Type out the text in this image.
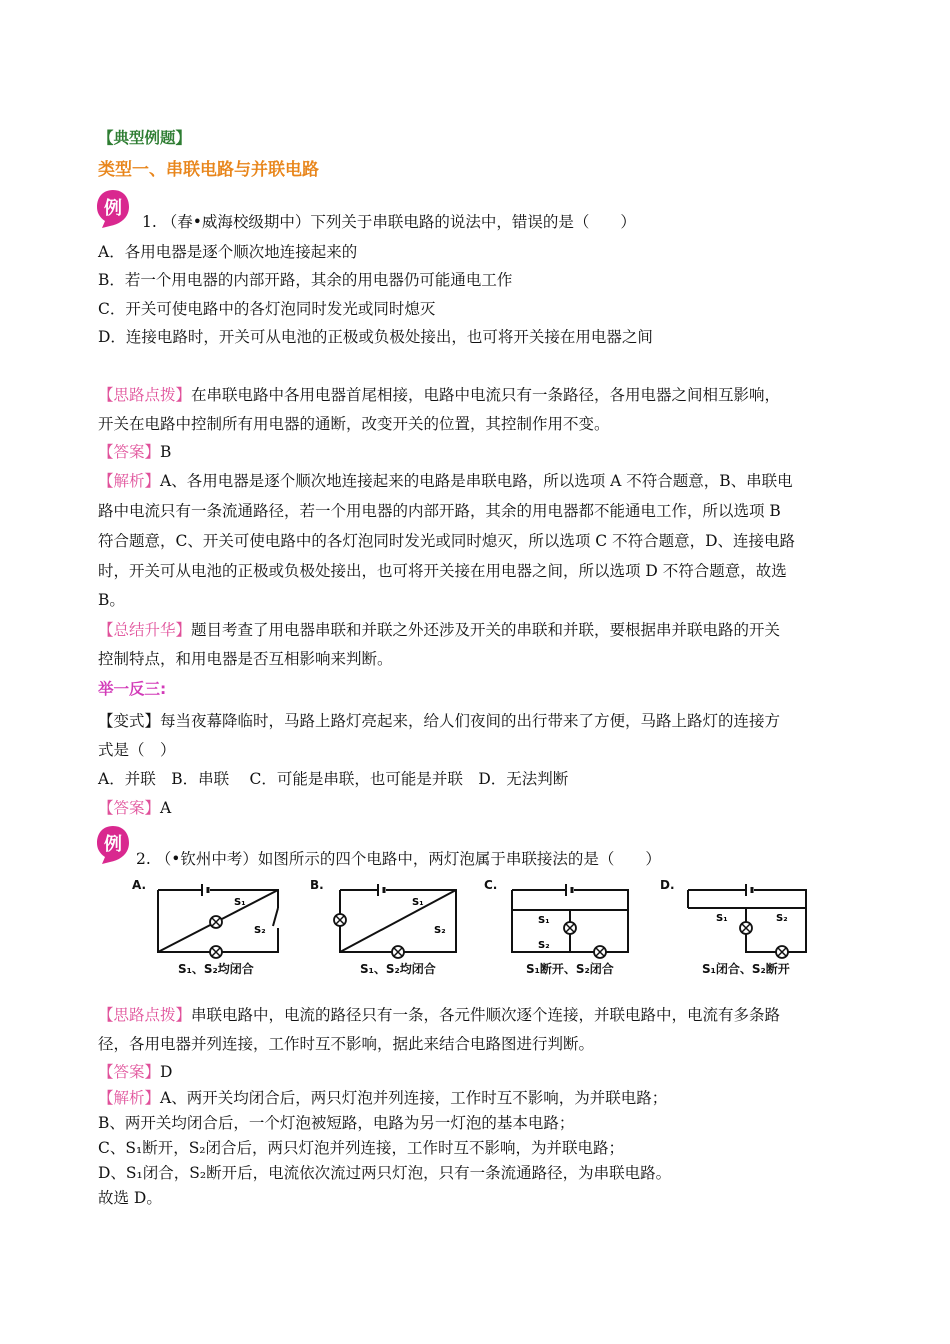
【典型例题】
类型一、串联电路与并联电路
例
1. （春•威海校级期中）下列关于串联电路的说法中，错误的是（　　）
A．各用电器是逐个顺次地连接起来的
B．若一个用电器的内部开路，其余的用电器仍可能通电工作
C．开关可使电路中的各灯泡同时发光或同时熄灭
D．连接电路时，开关可从电池的正极或负极处接出，也可将开关接在用电器之间
【思路点拨】在串联电路中各用电器首尾相接，电路中电流只有一条路径，各用电器之间相互影响，
开关在电路中控制所有用电器的通断，改变开关的位置，其控制作用不变。
【答案】B
【解析】A、各用电器是逐个顺次地连接起来的电路是串联电路，所以选项 A 不符合题意，B、串联电
路中电流只有一条流通路径，若一个用电器的内部开路，其余的用电器都不能通电工作，所以选项 B
符合题意，C、开关可使电路中的各灯泡同时发光或同时熄灭，所以选项 C 不符合题意，D、连接电路
时，开关可从电池的正极或负极处接出，也可将开关接在用电器之间，所以选项 D 不符合题意，故选
B。
【总结升华】题目考查了用电器串联和并联之外还涉及开关的串联和并联，要根据串并联电路的开关
控制特点，和用电器是否互相影响来判断。
举一反三:
【变式】每当夜幕降临时，马路上路灯亮起来，给人们夜间的出行带来了方便，马路上路灯的连接方
式是（　）
A．并联　B．串联　 C．可能是串联，也可能是并联　D．无法判断
【答案】A
例
2. （•钦州中考）如图所示的四个电路中，两灯泡属于串联接法的是（　　）
A.
S₁
S₂
S₁、S₂均闭合
B.
S₁
S₂
S₁、S₂均闭合
C.
S₁
S₂
S₁断开、S₂闭合
D.
S₁	S₂
S₁闭合、S₂断开
【思路点拨】串联电路中，电流的路径只有一条，各元件顺次逐个连接，并联电路中，电流有多条路
径，各用电器并列连接，工作时互不影响，据此来结合电路图进行判断。
【答案】D
【解析】A、两开关均闭合后，两只灯泡并列连接，工作时互不影响，为并联电路；
B、两开关均闭合后，一个灯泡被短路，电路为另一灯泡的基本电路；
C、S₁断开，S₂闭合后，两只灯泡并列连接，工作时互不影响，为并联电路；
D、S₁闭合，S₂断开后，电流依次流过两只灯泡，只有一条流通路径，为串联电路。
故选 D。
